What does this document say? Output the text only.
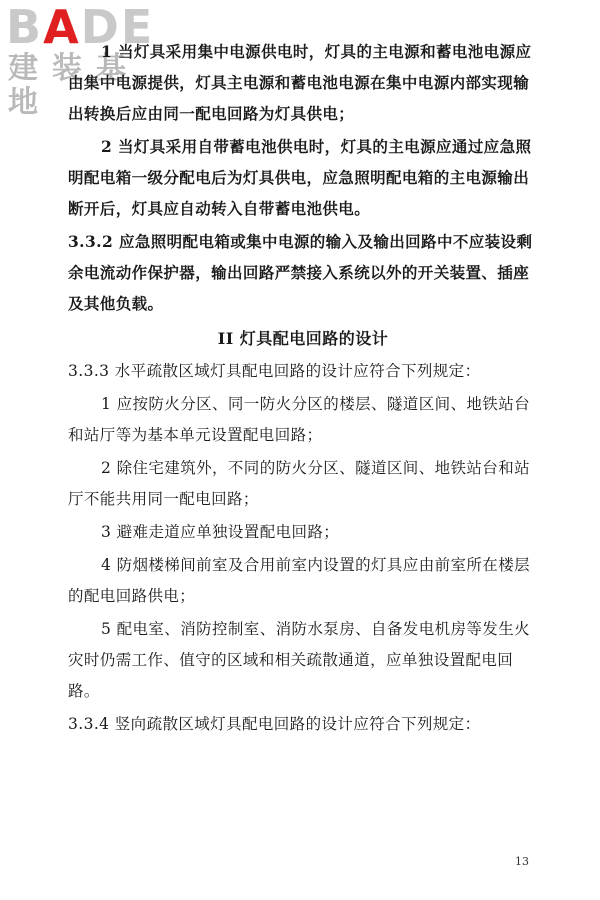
BADE
建装基地

1 当灯具采用集中电源供电时，灯具的主电源和蓄电池电源应由集中电源提供，灯具主电源和蓄电池电源在集中电源内部实现输出转换后应由同一配电回路为灯具供电；

2 当灯具采用自带蓄电池供电时，灯具的主电源应通过应急照明配电箱一级分配电后为灯具供电，应急照明配电箱的主电源输出断开后，灯具应自动转入自带蓄电池供电。

3.3.2 应急照明配电箱或集中电源的输入及输出回路中不应装设剩余电流动作保护器，输出回路严禁接入系统以外的开关装置、插座及其他负载。

II 灯具配电回路的设计

3.3.3 水平疏散区域灯具配电回路的设计应符合下列规定：

1 应按防火分区、同一防火分区的楼层、隧道区间、地铁站台和站厅等为基本单元设置配电回路；

2 除住宅建筑外，不同的防火分区、隧道区间、地铁站台和站厅不能共用同一配电回路；

3 避难走道应单独设置配电回路；

4 防烟楼梯间前室及合用前室内设置的灯具应由前室所在楼层的配电回路供电；

5 配电室、消防控制室、消防水泵房、自备发电机房等发生火灾时仍需工作、值守的区域和相关疏散通道，应单独设置配电回路。

3.3.4 竖向疏散区域灯具配电回路的设计应符合下列规定：

13
